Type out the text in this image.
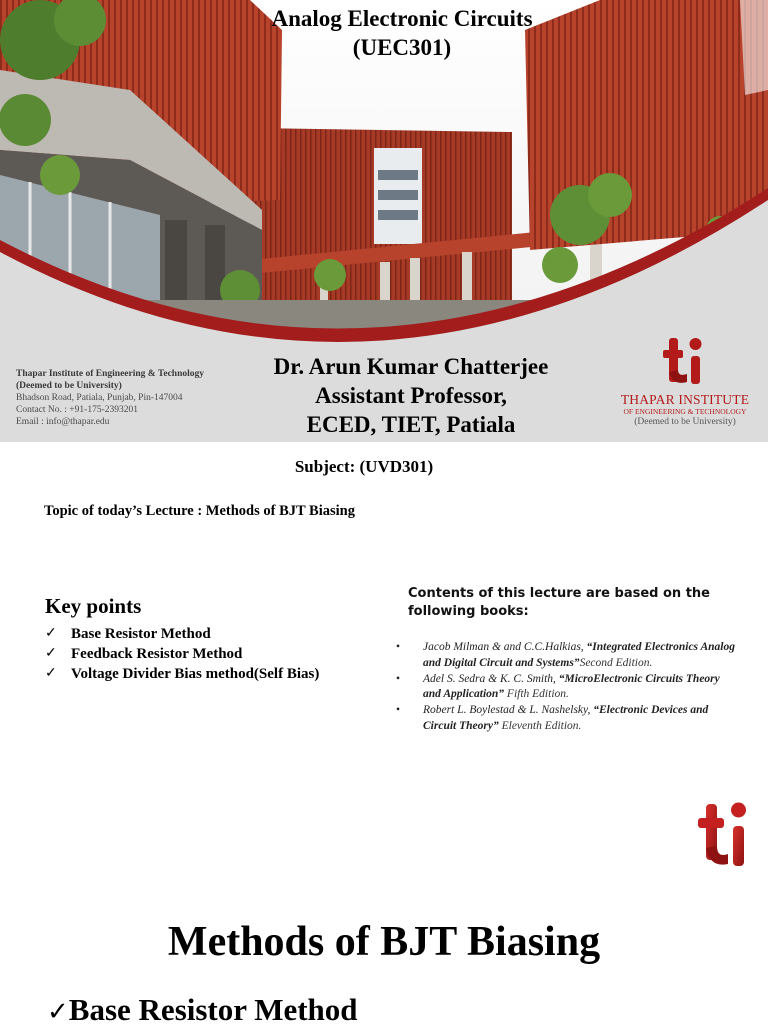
Analog Electronic Circuits
(UEC301)
Thapar Institute of Engineering & Technology
(Deemed to be University)
Bhadson Road, Patiala, Punjab, Pin-147004
Contact No. : +91-175-2393201
Email : info@thapar.edu
Dr. Arun Kumar Chatterjee
Assistant Professor,
ECED, TIET, Patiala
THAPAR INSTITUTE
OF ENGINEERING & TECHNOLOGY
(Deemed to be University)
Subject: (UVD301)
Topic of today’s Lecture : Methods of BJT Biasing
Key points
✓ Base Resistor Method
✓ Feedback Resistor Method
✓ Voltage Divider Bias method(Self Bias)
Contents of this lecture are based on the following books:
•	Jacob Milman & and C.C.Halkias, “Integrated Electronics Analog and Digital Circuit and Systems”Second Edition.
•	Adel S. Sedra & K. C. Smith, “MicroElectronic Circuits Theory and Application” Fifth Edition.
•	Robert L. Boylestad & L. Nashelsky, “Electronic Devices and Circuit Theory” Eleventh Edition.
Methods of BJT Biasing
✓Base Resistor Method
